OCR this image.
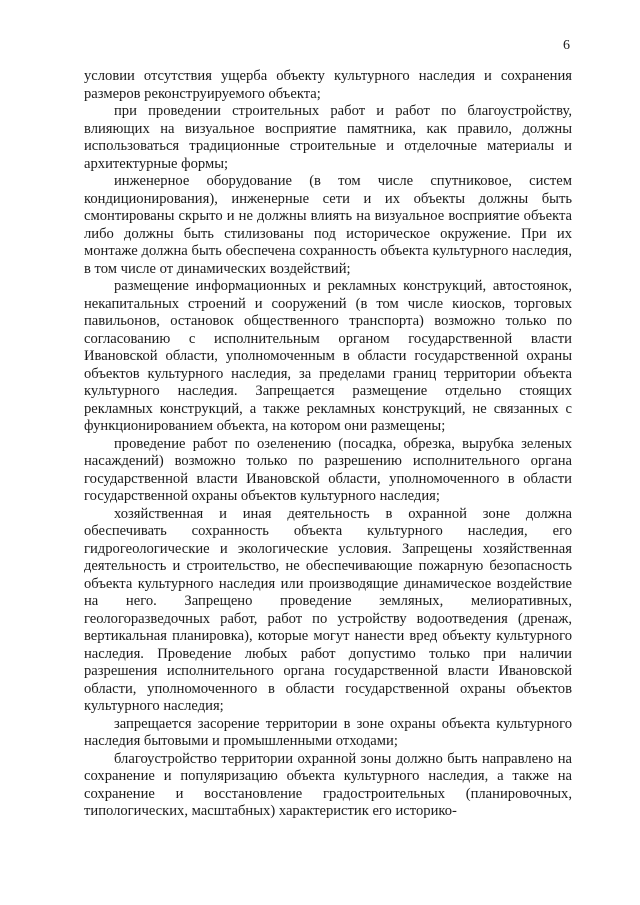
6

условии отсутствия ущерба объекту культурного наследия и сохранения размеров реконструируемого объекта;

при проведении строительных работ и работ по благоустройству, влияющих на визуальное восприятие памятника, как правило, должны использоваться традиционные строительные и отделочные материалы и архитектурные формы;

инженерное оборудование (в том числе спутниковое, систем кондиционирования), инженерные сети и их объекты должны быть смонтированы скрыто и не должны влиять на визуальное восприятие объекта либо должны быть стилизованы под историческое окружение. При их монтаже должна быть обеспечена сохранность объекта культурного наследия, в том числе от динамических воздействий;

размещение информационных и рекламных конструкций, автостоянок, некапитальных строений и сооружений (в том числе киосков, торговых павильонов, остановок общественного транспорта) возможно только по согласованию с исполнительным органом государственной власти Ивановской области, уполномоченным в области государственной охраны объектов культурного наследия, за пределами границ территории объекта культурного наследия. Запрещается размещение отдельно стоящих рекламных конструкций, а также рекламных конструкций, не связанных с функционированием объекта, на котором они размещены;

проведение работ по озеленению (посадка, обрезка, вырубка зеленых насаждений) возможно только по разрешению исполнительного органа государственной власти Ивановской области, уполномоченного в области государственной охраны объектов культурного наследия;

хозяйственная и иная деятельность в охранной зоне должна обеспечивать сохранность объекта культурного наследия, его гидрогеологические и экологические условия. Запрещены хозяйственная деятельность и строительство, не обеспечивающие пожарную безопасность объекта культурного наследия или производящие динамическое воздействие на него. Запрещено проведение земляных, мелиоративных, геологоразведочных работ, работ по устройству водоотведения (дренаж, вертикальная планировка), которые могут нанести вред объекту культурного наследия. Проведение любых работ допустимо только при наличии разрешения исполнительного органа государственной власти Ивановской области, уполномоченного в области государственной охраны объектов культурного наследия;

запрещается засорение территории в зоне охраны объекта культурного наследия бытовыми и промышленными отходами;

благоустройство территории охранной зоны должно быть направлено на сохранение и популяризацию объекта культурного наследия, а также на сохранение и восстановление градостроительных (планировочных, типологических, масштабных) характеристик его историко-
